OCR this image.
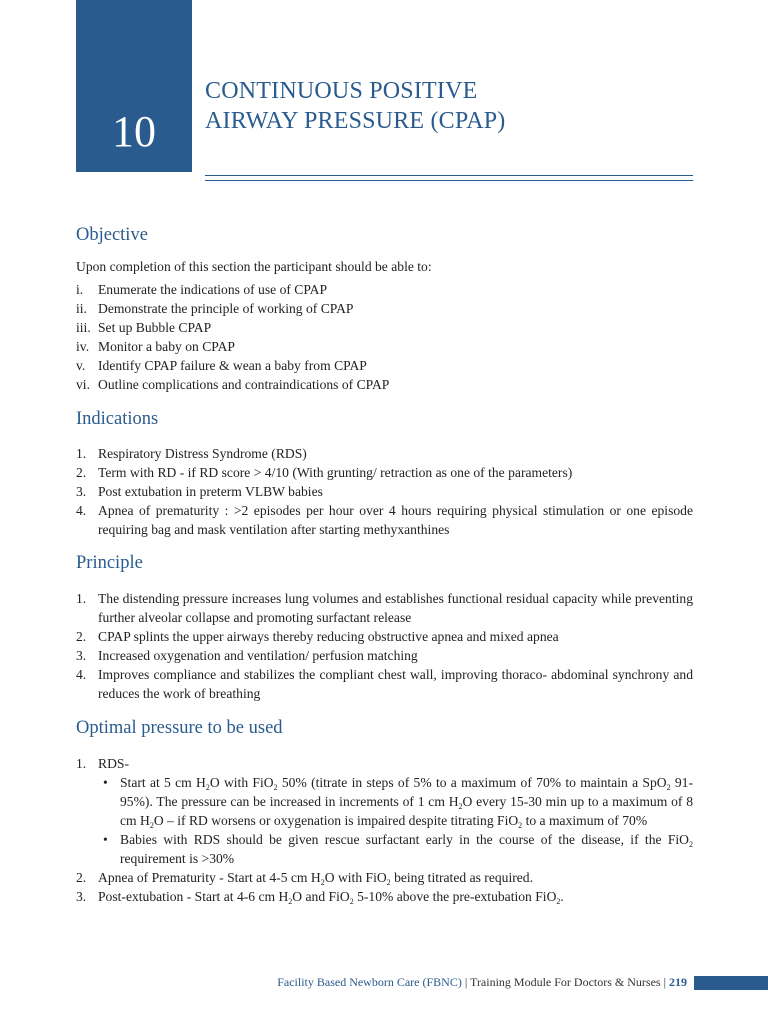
10
CONTINUOUS POSITIVE
AIRWAY PRESSURE (CPAP)
Objective

Upon completion of this section the participant should be able to:

i. Enumerate the indications of use of CPAP
ii. Demonstrate the principle of working of CPAP
iii. Set up Bubble CPAP
iv. Monitor a baby on CPAP
v. Identify CPAP failure & wean a baby from CPAP
vi. Outline complications and contraindications of CPAP
Indications
1. Respiratory Distress Syndrome (RDS)
2. Term with RD - if RD score > 4/10 (With grunting/ retraction as one of the parameters)
3. Post extubation in preterm VLBW babies
4. Apnea of prematurity : >2 episodes per hour over 4 hours requiring physical stimulation or one episode requiring bag and mask ventilation after starting methyxanthines
Principle
1. The distending pressure increases lung volumes and establishes functional residual capacity while preventing further alveolar collapse and promoting surfactant release
2. CPAP splints the upper airways thereby reducing obstructive apnea and mixed apnea
3. Increased oxygenation and ventilation/ perfusion matching
4. Improves compliance and stabilizes the compliant chest wall, improving thoraco- abdominal synchrony and reduces the work of breathing
Optimal pressure to be used
1. RDS-
• Start at 5 cm $H_2O$ with FiO$_2$ 50% (titrate in steps of 5% to a maximum of 70% to maintain a SpO$_2$ 91-95%). The pressure can be increased in increments of 1 cm $H_2O$ every 15-30 min up to a maximum of 8 cm $H_2O$ – if RD worsens or oxygenation is impaired despite titrating FiO$_2$ to a maximum of 70%
• Babies with RDS should be given rescue surfactant early in the course of the disease, if the FiO$_2$ requirement is >30%
2. Apnea of Prematurity - Start at 4-5 cm $H_2O$ with FiO$_2$ being titrated as required.
3. Post-extubation - Start at 4-6 cm $H_2O$ and FiO$_2$ 5-10% above the pre-extubation FiO$_2$.
Facility Based Newborn Care (FBNC) | Training Module For Doctors & Nurses | 219
